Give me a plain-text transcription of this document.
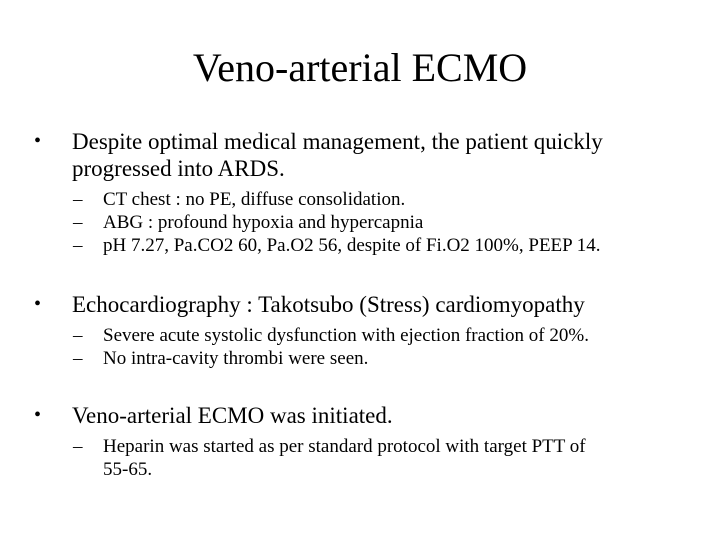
Veno-arterial ECMO
• Despite optimal medical management, the patient quickly
progressed into ARDS.
– CT chest : no PE, diffuse consolidation.
– ABG : profound hypoxia and hypercapnia
– pH 7.27, Pa.CO2 60, Pa.O2 56, despite of Fi.O2 100%, PEEP 14.
• Echocardiography : Takotsubo (Stress) cardiomyopathy
– Severe acute systolic dysfunction with ejection fraction of 20%.
– No intra-cavity thrombi were seen.
• Veno-arterial ECMO was initiated.
– Heparin was started as per standard protocol with target PTT of
55-65.
